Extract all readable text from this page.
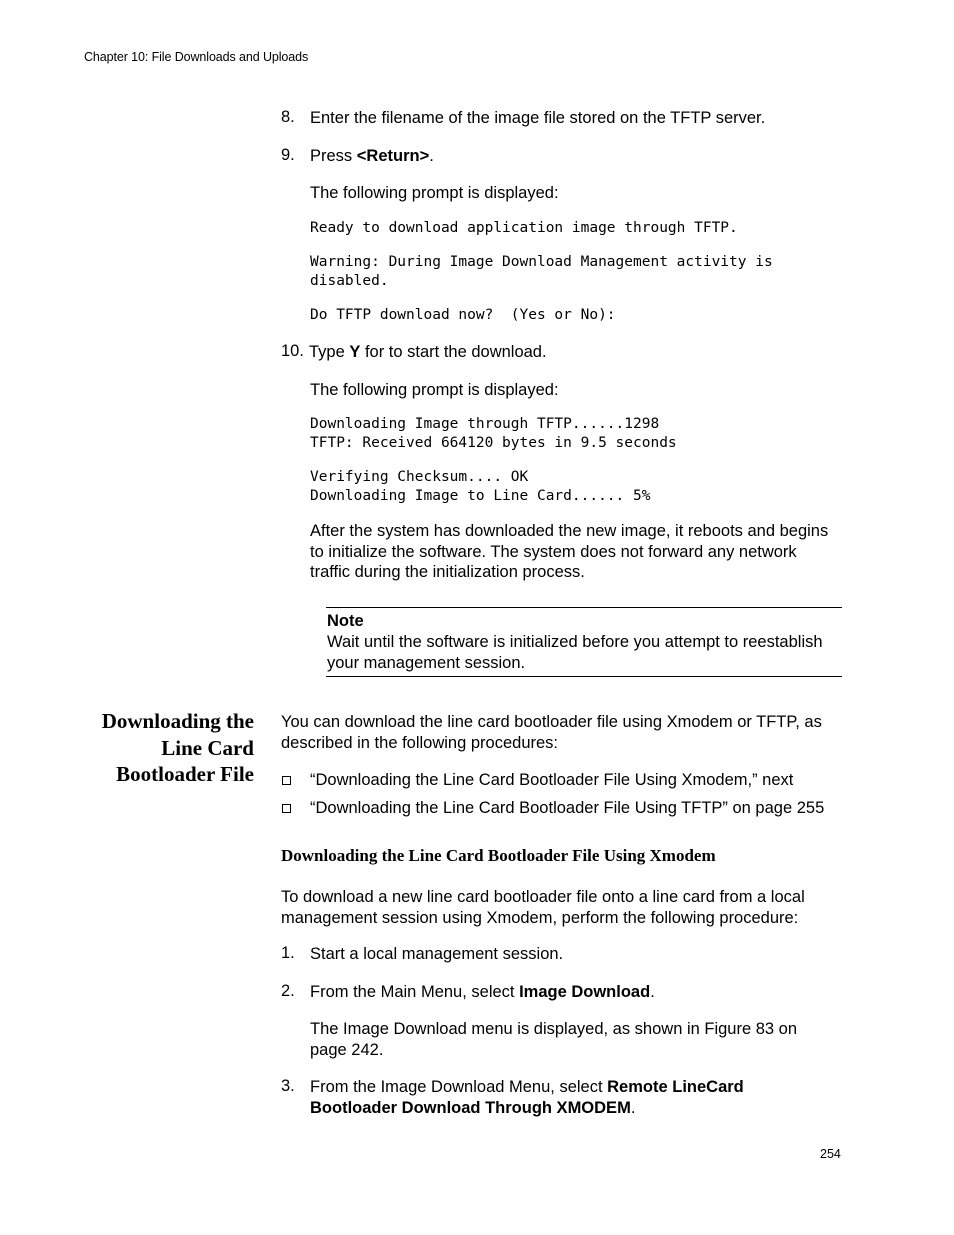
Chapter 10: File Downloads and Uploads
8. Enter the filename of the image file stored on the TFTP server.
9. Press <Return>.
The following prompt is displayed:
Ready to download application image through TFTP.
Warning: During Image Download Management activity is
disabled.
Do TFTP download now?  (Yes or No):
10. Type Y for to start the download.
The following prompt is displayed:
Downloading Image through TFTP......1298
TFTP: Received 664120 bytes in 9.5 seconds
Verifying Checksum.... OK
Downloading Image to Line Card...... 5%
After the system has downloaded the new image, it reboots and begins to initialize the software. The system does not forward any network traffic during the initialization process.
Note
Wait until the software is initialized before you attempt to reestablish your management session.
Downloading the
Line Card
Bootloader File
You can download the line card bootloader file using Xmodem or TFTP, as described in the following procedures:
“Downloading the Line Card Bootloader File Using Xmodem,” next
“Downloading the Line Card Bootloader File Using TFTP” on page 255
Downloading the Line Card Bootloader File Using Xmodem
To download a new line card bootloader file onto a line card from a local management session using Xmodem, perform the following procedure:
1. Start a local management session.
2. From the Main Menu, select Image Download.
The Image Download menu is displayed, as shown in Figure 83 on page 242.
3. From the Image Download Menu, select Remote LineCard Bootloader Download Through XMODEM.
254
